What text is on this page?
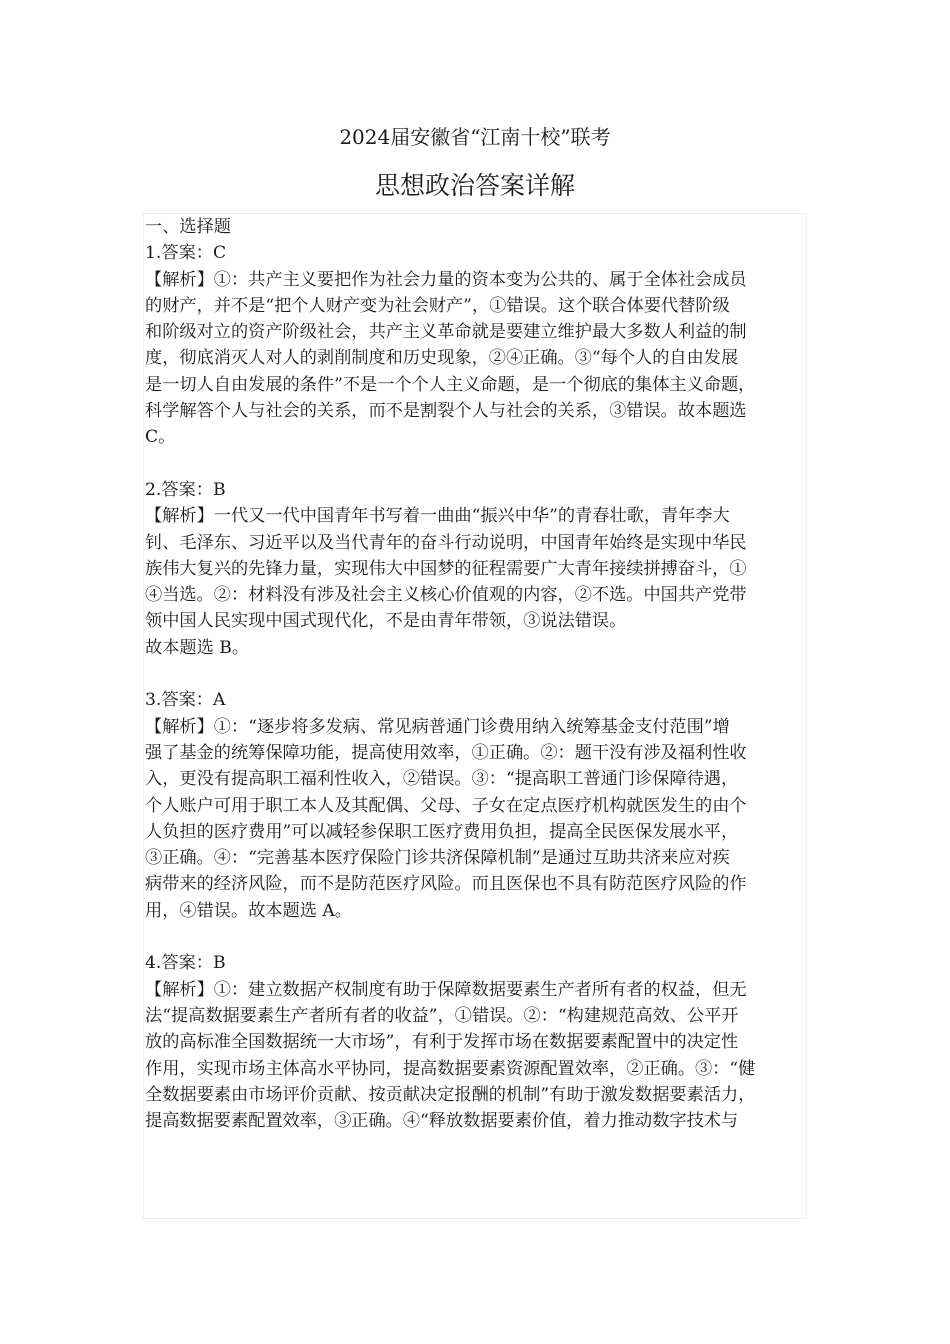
2024届安徽省“江南十校”联考
思想政治答案详解
一、选择题
1.答案：C
【解析】①：共产主义要把作为社会力量的资本变为公共的、属于全体社会成员
的财产，并不是“把个人财产变为社会财产”，①错误。这个联合体要代替阶级
和阶级对立的资产阶级社会，共产主义革命就是要建立维护最大多数人利益的制
度，彻底消灭人对人的剥削制度和历史现象，②④正确。③“每个人的自由发展
是一切人自由发展的条件”不是一个个人主义命题，是一个彻底的集体主义命题，
科学解答个人与社会的关系，而不是割裂个人与社会的关系，③错误。故本题选
C。
2.答案：B
【解析】一代又一代中国青年书写着一曲曲“振兴中华”的青春壮歌，青年李大
钊、毛泽东、习近平以及当代青年的奋斗行动说明，中国青年始终是实现中华民
族伟大复兴的先锋力量，实现伟大中国梦的征程需要广大青年接续拼搏奋斗，①
④当选。②：材料没有涉及社会主义核心价值观的内容，②不选。中国共产党带
领中国人民实现中国式现代化，不是由青年带领，③说法错误。
故本题选 B。
3.答案：A
【解析】①：“逐步将多发病、常见病普通门诊费用纳入统筹基金支付范围”增
强了基金的统筹保障功能，提高使用效率，①正确。②：题干没有涉及福利性收
入，更没有提高职工福利性收入，②错误。③：“提高职工普通门诊保障待遇，
个人账户可用于职工本人及其配偶、父母、子女在定点医疗机构就医发生的由个
人负担的医疗费用”可以减轻参保职工医疗费用负担，提高全民医保发展水平，
③正确。④：“完善基本医疗保险门诊共济保障机制”是通过互助共济来应对疾
病带来的经济风险，而不是防范医疗风险。而且医保也不具有防范医疗风险的作
用，④错误。故本题选 A。
4.答案：B
【解析】①：建立数据产权制度有助于保障数据要素生产者所有者的权益，但无
法“提高数据要素生产者所有者的收益”，①错误。②：“构建规范高效、公平开
放的高标准全国数据统一大市场”，有利于发挥市场在数据要素配置中的决定性
作用，实现市场主体高水平协同，提高数据要素资源配置效率，②正确。③：“健
全数据要素由市场评价贡献、按贡献决定报酬的机制”有助于激发数据要素活力，
提高数据要素配置效率，③正确。④“释放数据要素价值，着力推动数字技术与
